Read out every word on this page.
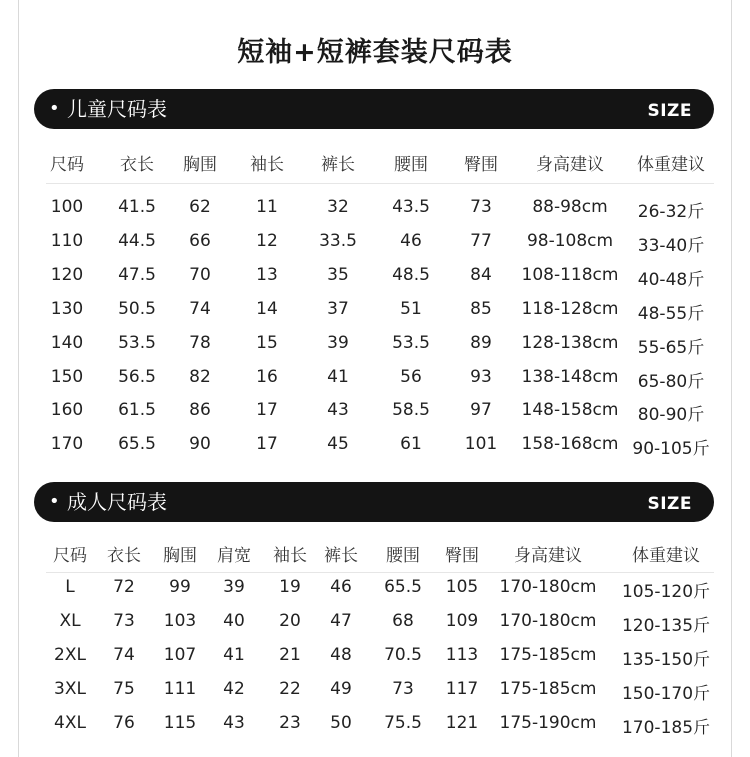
短袖+短裤套装尺码表
• 儿童尺码表	SIZE
尺码 衣长 胸围 袖长 裤长 腰围 臀围 身高建议 体重建议
100 41.5 62	11	32	43.5 73 88-98cm 26-32斤
110 44.5 66	12 33.5	46	77 98-108cm 33-40斤
120 47.5 70	13	35	48.5 84 108-118cm 40-48斤
130 50.5 74	14	37	51	85 118-128cm 48-55斤
140 53.5 78	15	39	53.5 89 128-138cm 55-65斤
150 56.5 82	16	41	56	93 138-148cm 65-80斤
160 61.5 86	17	43	58.5 97 148-158cm 80-90斤
170 65.5 90	17	45	61	101 158-168cm 90-105斤
• 成人尺码表	SIZE
尺码 衣长 胸围 肩宽 袖长 裤长 腰围 臀围 身高建议	体重建议
L 72 99 39 19 46 65.5 105 170-180cm 105-120斤
XL 73 103 40 20 47 68 109 170-180cm 120-135斤
2XL 74 107 41 21 48 70.5 113 175-185cm 135-150斤
3XL 75 111 42 22 49 73 117 175-185cm 150-170斤
4XL 76 115 43 23 50 75.5 121 175-190cm 170-185斤
